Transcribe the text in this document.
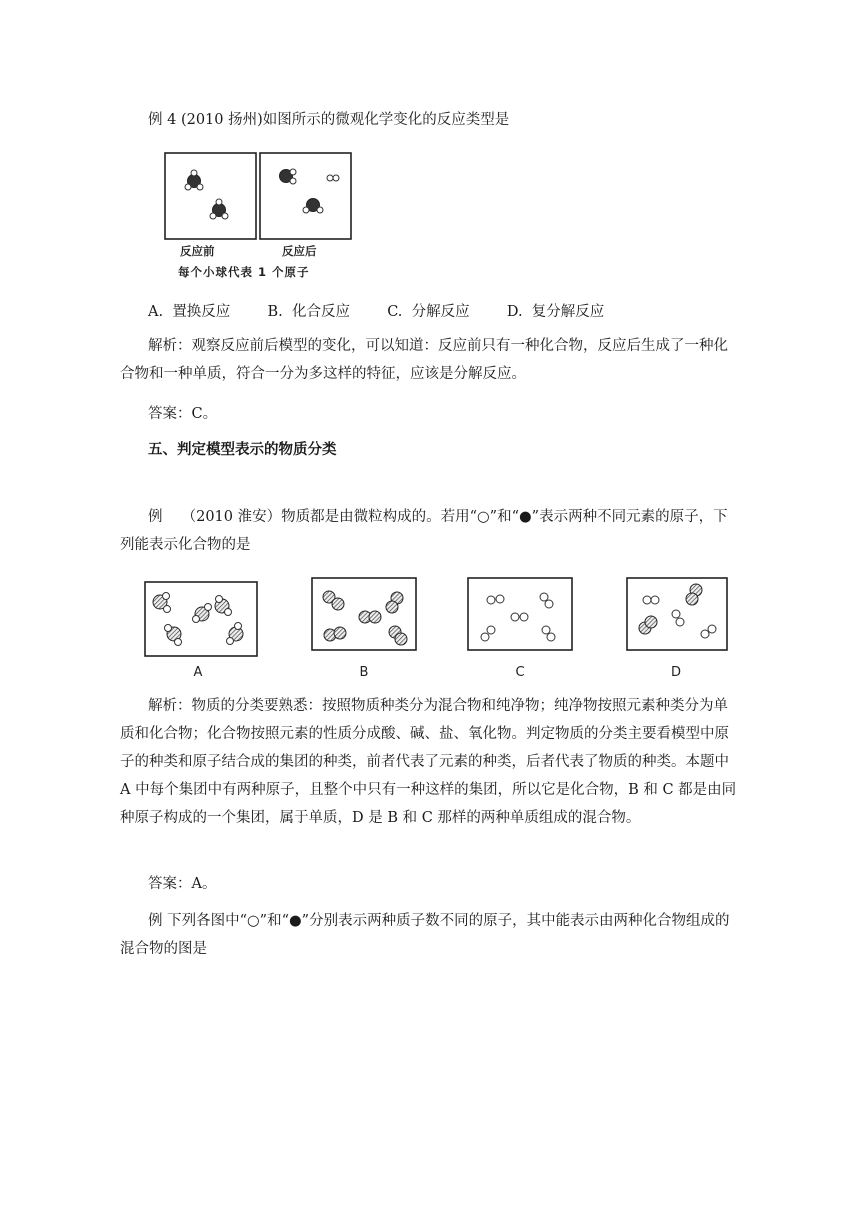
例 4 (2010 扬州)如图所示的微观化学变化的反应类型是
反应前	反应后
每个小球代表 1 个原子
A. 置换反应	B. 化合反应	C. 分解反应	D. 复分解反应
解析：观察反应前后模型的变化，可以知道：反应前只有一种化合物，反应后生成了一种化合物和一种单质，符合一分为多这样的特征，应该是分解反应。
答案：C。
五、判定模型表示的物质分类
例　 （2010 淮安）物质都是由微粒构成的。若用“○”和“●”表示两种不同元素的原子，下列能表示化合物的是
A	B	C	D
解析：物质的分类要熟悉：按照物质种类分为混合物和纯净物；纯净物按照元素种类分为单质和化合物；化合物按照元素的性质分成酸、碱、盐、氧化物。判定物质的分类主要看模型中原子的种类和原子结合成的集团的种类，前者代表了元素的种类，后者代表了物质的种类。本题中 A 中每个集团中有两种原子，且整个中只有一种这样的集团，所以它是化合物，B 和 C 都是由同种原子构成的一个集团，属于单质，D 是 B 和 C 那样的两种单质组成的混合物。
答案：A。
例 下列各图中“○”和“●”分别表示两种质子数不同的原子，其中能表示由两种化合物组成的混合物的图是
